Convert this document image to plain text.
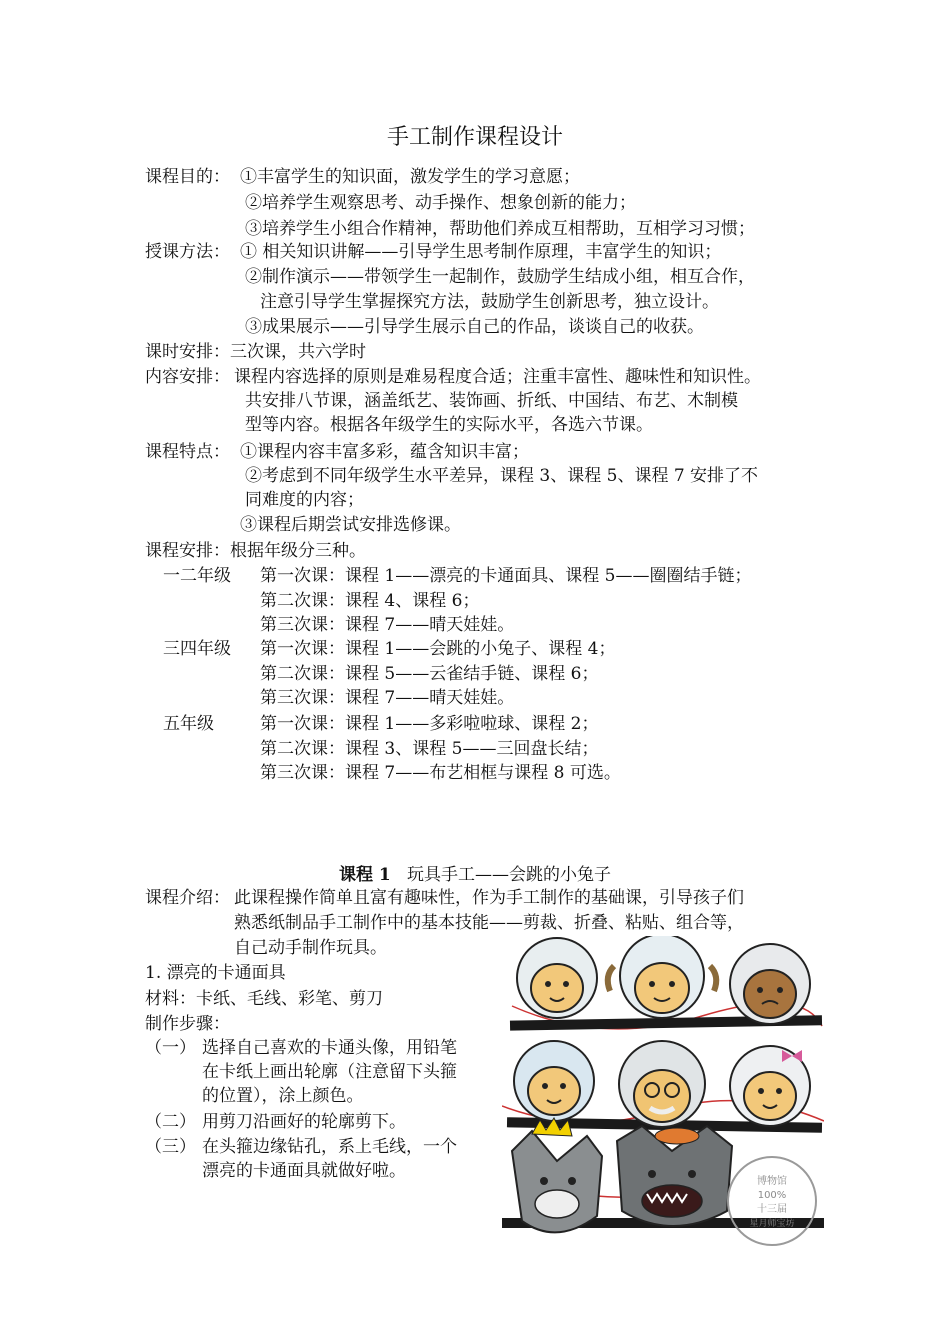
手工制作课程设计
课程目的： ①丰富学生的知识面，激发学生的学习意愿；
②培养学生观察思考、动手操作、想象创新的能力；
③培养学生小组合作精神，帮助他们养成互相帮助，互相学习习惯；
授课方法： ① 相关知识讲解——引导学生思考制作原理，丰富学生的知识；
②制作演示——带领学生一起制作，鼓励学生结成小组，相互合作，
注意引导学生掌握探究方法，鼓励学生创新思考，独立设计。
③成果展示——引导学生展示自己的作品，谈谈自己的收获。
课时安排：三次课，共六学时
内容安排： 课程内容选择的原则是难易程度合适；注重丰富性、趣味性和知识性。
共安排八节课，涵盖纸艺、装饰画、折纸、中国结、布艺、木制模
型等内容。根据各年级学生的实际水平，各选六节课。
课程特点： ①课程内容丰富多彩，蕴含知识丰富；
②考虑到不同年级学生水平差异，课程 3、课程 5、课程 7 安排了不
同难度的内容；
③课程后期尝试安排选修课。
课程安排：根据年级分三种。
一二年级 第一次课：课程 1——漂亮的卡通面具、课程 5——圈圈结手链；
第二次课：课程 4、课程 6；
第三次课：课程 7——晴天娃娃。
三四年级 第一次课：课程 1——会跳的小兔子、课程 4；
第二次课：课程 5——云雀结手链、课程 6；
第三次课：课程 7——晴天娃娃。
五年级	第一次课：课程 1——多彩啦啦球、课程 2；
第二次课：课程 3、课程 5——三回盘长结；
第三次课：课程 7——布艺相框与课程 8 可选。
课程 1 玩具手工——会跳的小兔子
课程介绍： 此课程操作简单且富有趣味性，作为手工制作的基础课，引导孩子们
熟悉纸制品手工制作中的基本技能——剪裁、折叠、粘贴、组合等，
自己动手制作玩具。
1. 漂亮的卡通面具
材料：卡纸、毛线、彩笔、剪刀
制作步骤：
（一） 选择自己喜欢的卡通头像，用铅笔
在卡纸上画出轮廓（注意留下头箍
的位置），涂上颜色。
（二） 用剪刀沿画好的轮廓剪下。
（三） 在头箍边缘钻孔，系上毛线，一个
漂亮的卡通面具就做好啦。
博物馆
100%
十三届
星月师宝坊
